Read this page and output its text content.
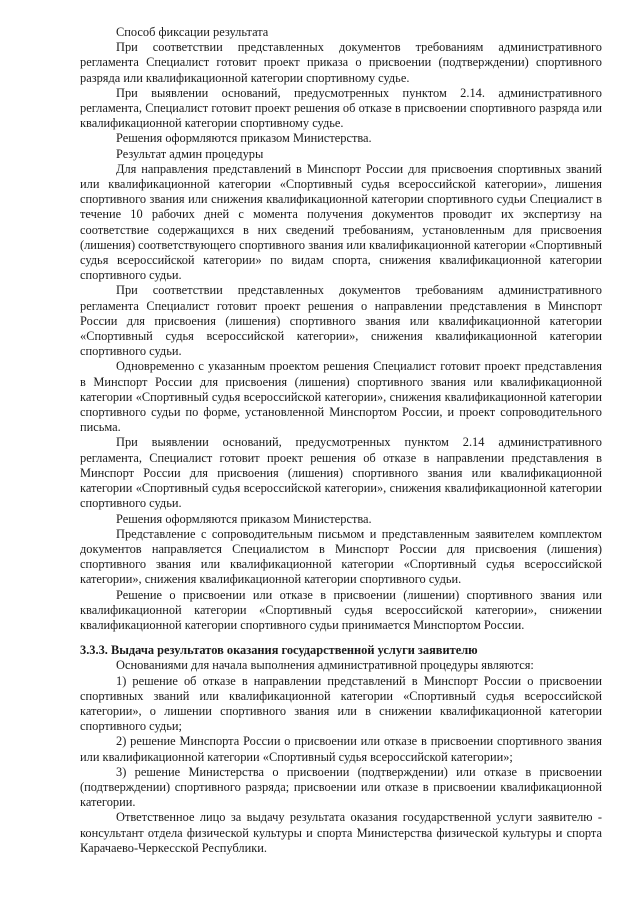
Способ фиксации результата

При соответствии представленных документов требованиям административного регламента Специалист готовит проект приказа о присвоении (подтверждении) спортивного разряда или квалификационной категории спортивному судье.

При выявлении оснований, предусмотренных пунктом 2.14. административного регламента, Специалист готовит проект решения об отказе в присвоении спортивного разряда или квалификационной категории спортивному судье.

Решения оформляются приказом Министерства.

Результат админ процедуры

Для направления представлений в Минспорт России для присвоения спортивных званий или квалификационной категории «Спортивный судья всероссийской категории», лишения спортивного звания или снижения квалификационной категории спортивного судьи Специалист в течение 10 рабочих дней с момента получения документов проводит их экспертизу на соответствие содержащихся в них сведений требованиям, установленным для присвоения (лишения) соответствующего спортивного звания или квалификационной категории «Спортивный судья всероссийской категории» по видам спорта, снижения квалификационной категории спортивного судьи.

При соответствии представленных документов требованиям административного регламента Специалист готовит проект решения о направлении представления в Минспорт России для присвоения (лишения) спортивного звания или квалификационной категории «Спортивный судья всероссийской категории», снижения квалификационной категории спортивного судьи.

Одновременно с указанным проектом решения Специалист готовит проект представления в Минспорт России для присвоения (лишения) спортивного звания или квалификационной категории «Спортивный судья всероссийской категории», снижения квалификационной категории спортивного судьи по форме, установленной Минспортом России, и проект сопроводительного письма.

При выявлении оснований, предусмотренных пунктом 2.14 административного регламента, Специалист готовит проект решения об отказе в направлении представления в Минспорт России для присвоения (лишения) спортивного звания или квалификационной категории «Спортивный судья всероссийской категории», снижения квалификационной категории спортивного судьи.

Решения оформляются приказом Министерства.

Представление с сопроводительным письмом и представленным заявителем комплектом документов направляется Специалистом в Минспорт России для присвоения (лишения) спортивного звания или квалификационной категории «Спортивный судья всероссийской категории», снижения квалификационной категории спортивного судьи.

Решение о присвоении или отказе в присвоении (лишении) спортивного звания или квалификационной категории «Спортивный судья всероссийской категории», снижении квалификационной категории спортивного судьи принимается Минспортом России.

3.3.3. Выдача результатов оказания государственной услуги заявителю

Основаниями для начала выполнения административной процедуры являются:

1) решение об отказе в направлении представлений в Минспорт России о присвоении спортивных званий или квалификационной категории «Спортивный судья всероссийской категории», о лишении спортивного звания или в снижении квалификационной категории спортивного судьи;

2) решение Минспорта России о присвоении или отказе в присвоении спортивного звания или квалификационной категории «Спортивный судья всероссийской категории»;

3) решение Министерства о присвоении (подтверждении) или отказе в присвоении (подтверждении) спортивного разряда; присвоении или отказе в присвоении квалификационной категории.

Ответственное лицо за выдачу результата оказания государственной услуги заявителю - консультант отдела физической культуры и спорта Министерства физической культуры и спорта Карачаево-Черкесской Республики.
